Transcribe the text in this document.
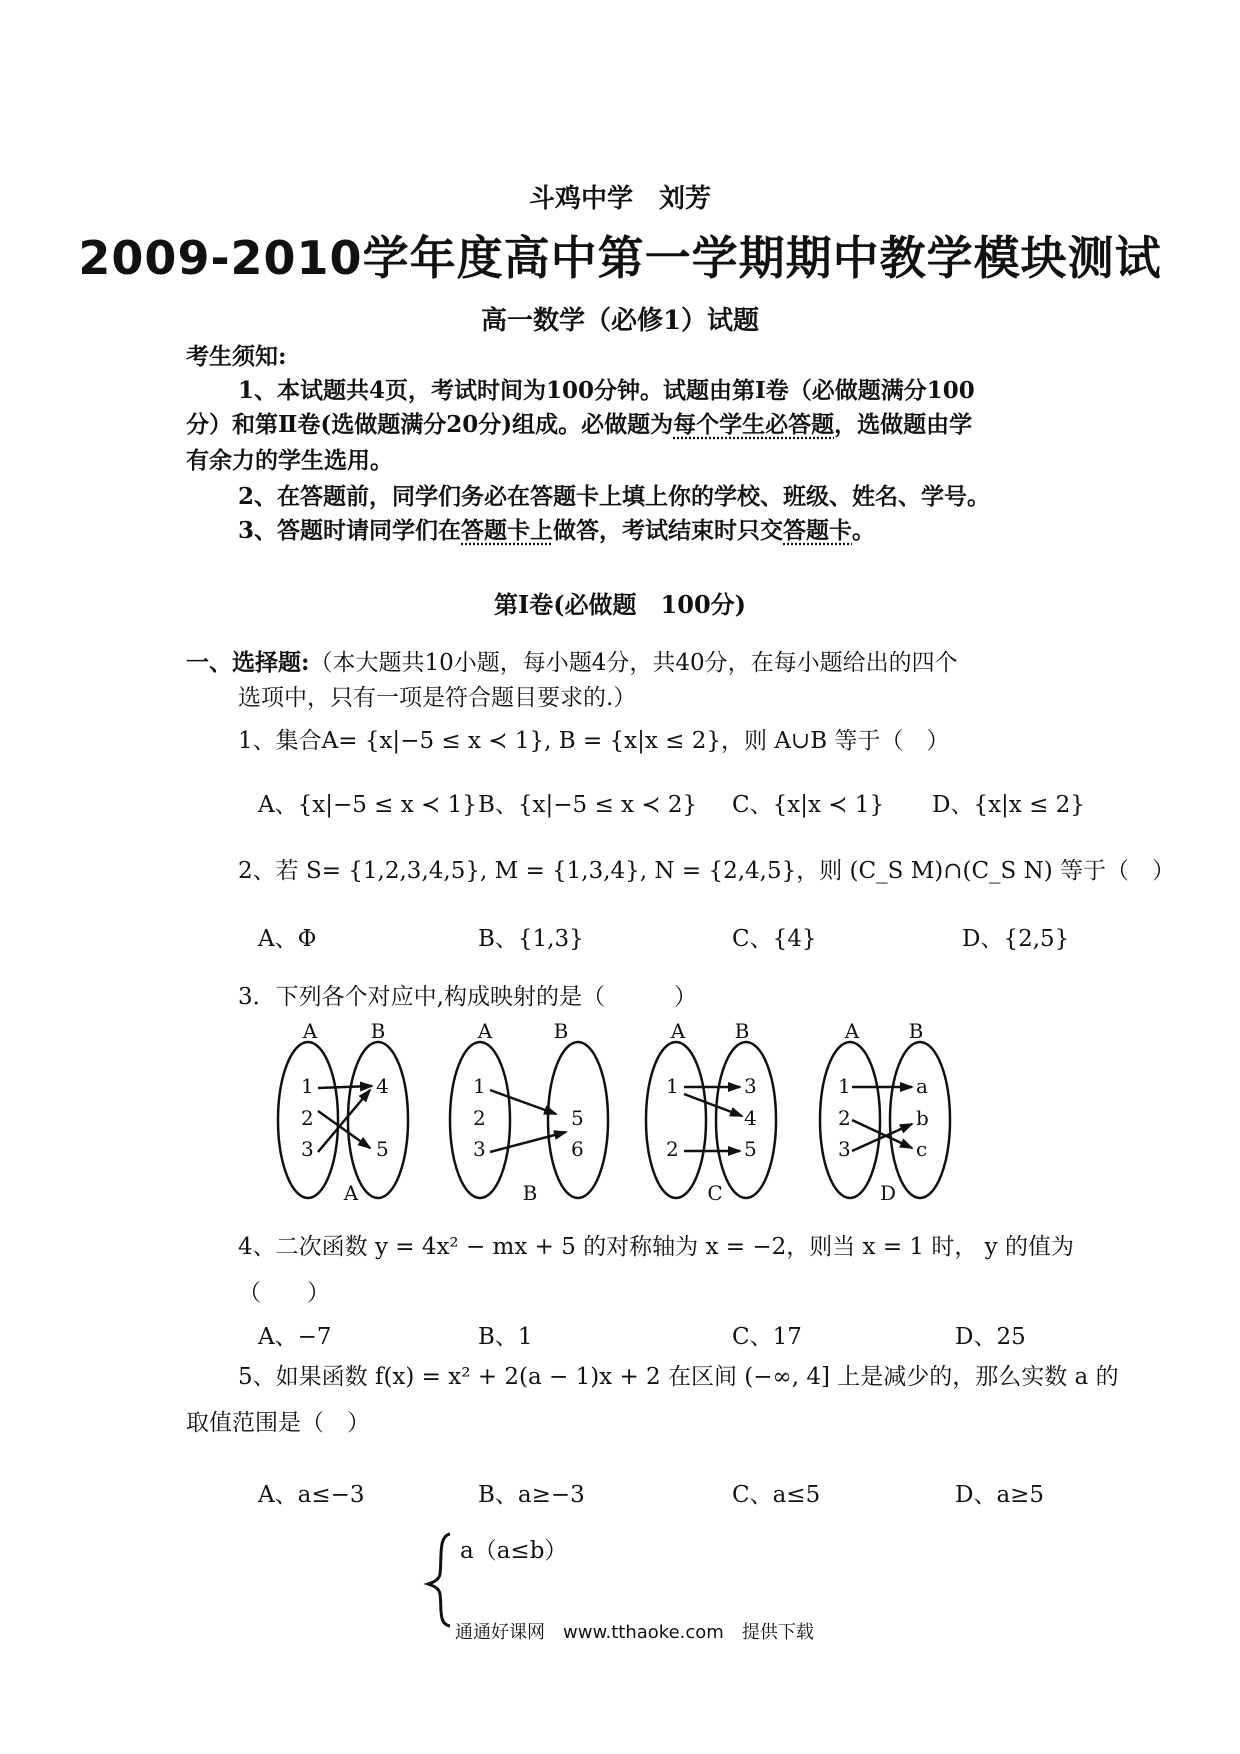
斗鸡中学　刘芳
2009-2010学年度高中第一学期期中教学模块测试
高一数学（必修1）试题
考生须知:
1、本试题共4页，考试时间为100分钟。试题由第Ⅰ卷（必做题满分100
分）和第Ⅱ卷(选做题满分20分)组成。必做题为每个学生必答题，选做题由学
有余力的学生选用。
2、在答题前，同学们务必在答题卡上填上你的学校、班级、姓名、学号。
3、答题时请同学们在答题卡上做答，考试结束时只交答题卡。
第Ⅰ卷(必做题　100分)
一、选择题:（本大题共10小题，每小题4分，共40分，在每小题给出的四个
选项中，只有一项是符合题目要求的.）
1、集合A= {x|−5 ≤ x ≺ 1}, B = {x|x ≤ 2}，则 A∪B 等于（　）
A、{x|−5 ≤ x ≺ 1} B、{x|−5 ≤ x ≺ 2} C、{x|x ≺ 1} D、{x|x ≤ 2}
2、若 S= {1,2,3,4,5}, M = {1,3,4}, N = {2,4,5}，则 (C_S M)∩(C_S N) 等于（　）
A、Φ	B、{1,3}	C、{4}	D、{2,5}
3．下列各个对应中,构成映射的是（　　　）
A	B
1
2
3
4
5
A
A	B
1
2
3
5
6
B
A B
1
2
3
4
5
C
A B
1
2
3
a
b
c
D
4、二次函数 y = 4x² − mx + 5 的对称轴为 x = −2，则当 x = 1 时， y 的值为
（　　）
A、−7	B、1	C、17	D、25
5、如果函数 f(x) = x² + 2(a − 1)x + 2 在区间 (−∞, 4] 上是减少的，那么实数 a 的
取值范围是（　）
A、a≤−3	B、a≥−3	C、a≤5	D、a≥5
a（a≤b）
通通好课网　www.tthaoke.com　提供下载
